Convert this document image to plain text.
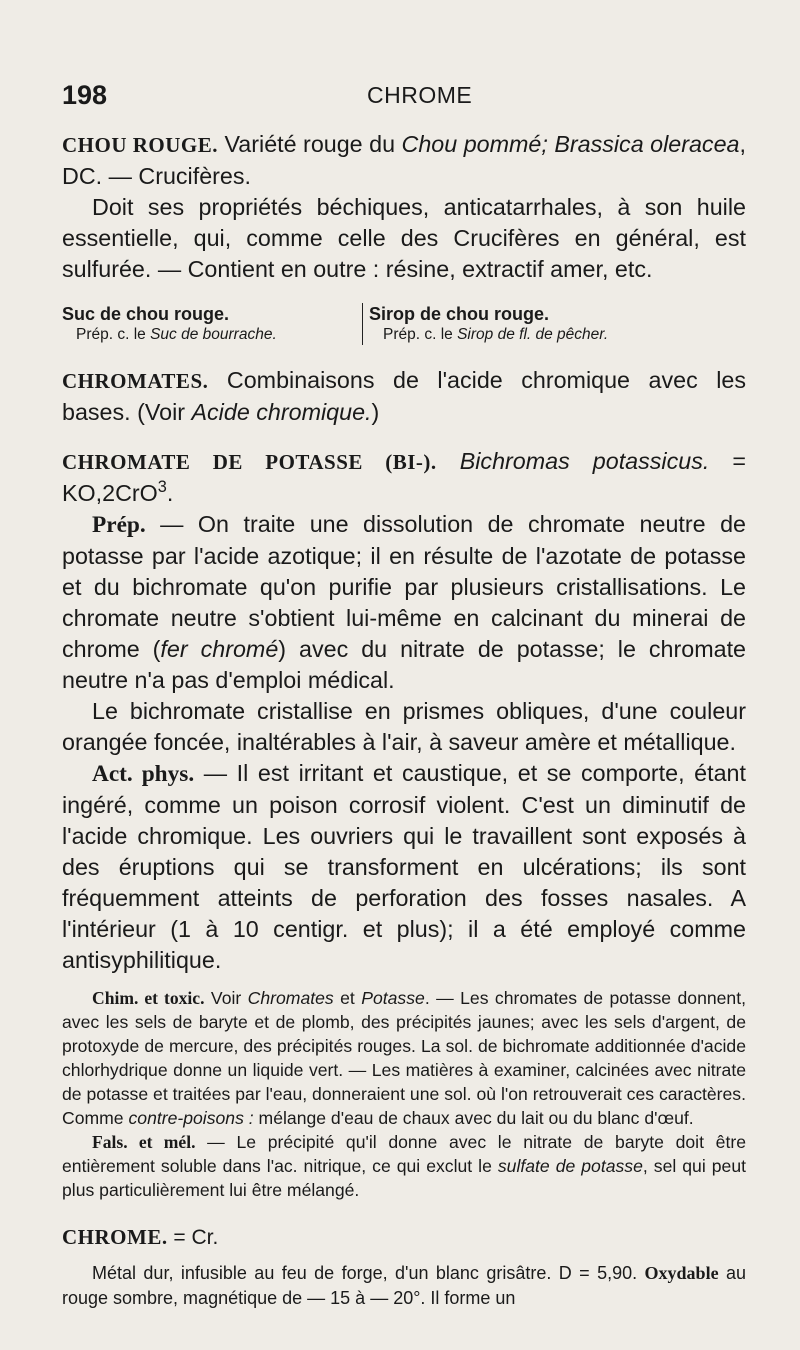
198	CHROME

CHOU ROUGE. Variété rouge du Chou pommé; Brassica oleracea, DC. — Crucifères.

Doit ses propriétés béchiques, anticatarrhales, à son huile essentielle, qui, comme celle des Crucifères en général, est sulfurée. — Contient en outre : résine, extractif amer, etc.

Suc de chou rouge.

Prép. c. le Suc de bourrache.

Sirop de chou rouge.

Prép. c. le Sirop de fl. de pêcher.

CHROMATES. Combinaisons de l'acide chromique avec les bases. (Voir Acide chromique.)

CHROMATE DE POTASSE (BI-). Bichromas potassicus. = KO,2CrO$^3$.

Prép. — On traite une dissolution de chromate neutre de potasse par l'acide azotique; il en résulte de l'azotate de potasse et du bichromate qu'on purifie par plusieurs cristallisations. Le chromate neutre s'obtient lui-même en calcinant du minerai de chrome (fer chromé) avec du nitrate de potasse; le chromate neutre n'a pas d'emploi médical.

Le bichromate cristallise en prismes obliques, d'une couleur orangée foncée, inaltérables à l'air, à saveur amère et métallique.

Act. phys. — Il est irritant et caustique, et se comporte, étant ingéré, comme un poison corrosif violent. C'est un diminutif de l'acide chromique. Les ouvriers qui le travaillent sont exposés à des éruptions qui se transforment en ulcérations; ils sont fréquemment atteints de perforation des fosses nasales. A l'intérieur (1 à 10 centigr. et plus); il a été employé comme antisyphilitique.

Chim. et toxic. Voir Chromates et Potasse. — Les chromates de potasse donnent, avec les sels de baryte et de plomb, des précipités jaunes; avec les sels d'argent, de protoxyde de mercure, des précipités rouges. La sol. de bichromate additionnée d'acide chlorhydrique donne un liquide vert. — Les matières à examiner, calcinées avec nitrate de potasse et traitées par l'eau, donneraient une sol. où l'on retrouverait ces caractères. Comme contre-poisons : mélange d'eau de chaux avec du lait ou du blanc d'œuf.

Fals. et mél. — Le précipité qu'il donne avec le nitrate de baryte doit être entièrement soluble dans l'ac. nitrique, ce qui exclut le sulfate de potasse, sel qui peut plus particulièrement lui être mélangé.

CHROME. = Cr.

Métal dur, infusible au feu de forge, d'un blanc grisâtre. D = 5,90. Oxydable au rouge sombre, magnétique de — 15 à — 20°. Il forme un
